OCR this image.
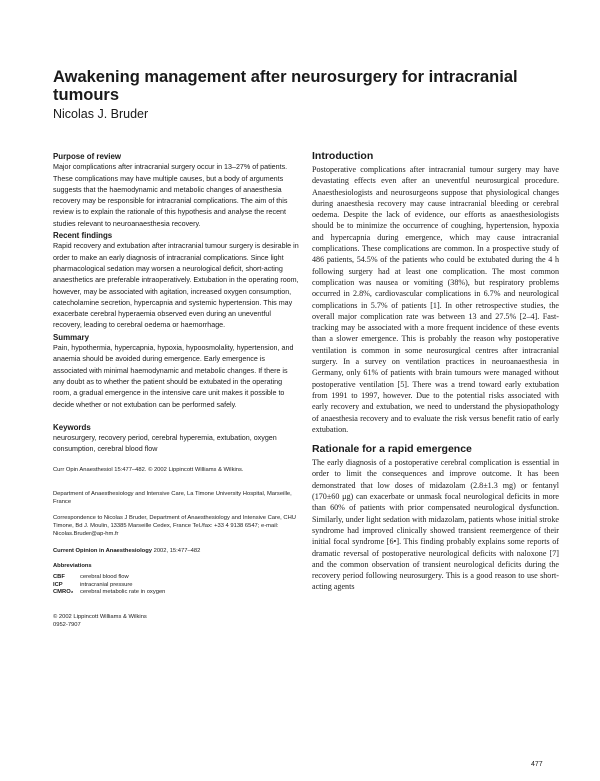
Awakening management after neurosurgery for intracranial tumours

Nicolas J. Bruder

Purpose of review

Major complications after intracranial surgery occur in 13–27% of patients. These complications may have multiple causes, but a body of arguments suggests that the haemodynamic and metabolic changes of anaesthesia recovery may be responsible for intracranial complications. The aim of this review is to explain the rationale of this hypothesis and analyse the recent studies relevant to neuroanaesthesia recovery.

Recent findings

Rapid recovery and extubation after intracranial tumour surgery is desirable in order to make an early diagnosis of intracranial complications. Since light pharmacological sedation may worsen a neurological deficit, short-acting anaesthetics are preferable intraoperatively. Extubation in the operating room, however, may be associated with agitation, increased oxygen consumption, catecholamine secretion, hypercapnia and systemic hypertension. This may exacerbate cerebral hyperaemia observed even during an uneventful recovery, leading to cerebral oedema or haemorrhage.

Summary

Pain, hypothermia, hypercapnia, hypoxia, hypoosmolality, hypertension, and anaemia should be avoided during emergence. Early emergence is associated with minimal haemodynamic and metabolic changes. If there is any doubt as to whether the patient should be extubated in the operating room, a gradual emergence in the intensive care unit makes it possible to decide whether or not extubation can be performed safely.

Keywords

neurosurgery, recovery period, cerebral hyperemia, extubation, oxygen consumption, cerebral blood flow

Curr Opin Anaesthesiol 15:477–482. © 2002 Lippincott Williams & Wilkins.

Department of Anaesthesiology and Intensive Care, La Timone University Hospital, Marseille, France

Correspondence to Nicolas J Bruder, Department of Anaesthesiology and Intensive Care, CHU Timone, Bd J. Moulin, 13385 Marseille Cedex, France Tel./fax: +33 4 9138 6547; e-mail: Nicolas.Bruder@ap-hm.fr

Current Opinion in Anaesthesiology 2002, 15:477–482

Abbreviations

CBF	cerebral blood flow
ICP	intracranial pressure
CMRO₂	cerebral metabolic rate in oxygen

© 2002 Lippincott Williams & Wilkins

0952-7907

Introduction

Postoperative complications after intracranial tumour surgery may have devastating effects even after an uneventful neurosurgical procedure. Anaesthesiologists and neurosurgeons suppose that physiological changes during anaesthesia recovery may cause intracranial bleeding or cerebral oedema. Despite the lack of evidence, our efforts as anaesthesiologists should be to minimize the occurrence of coughing, hypertension, hypoxia and hypercapnia during emergence, which may cause intracranial complications. These complications are common. In a prospective study of 486 patients, 54.5% of the patients who could be extubated during the 4 h following surgery had at least one complication. The most common complication was nausea or vomiting (38%), but respiratory problems occurred in 2.8%, cardiovascular complications in 6.7% and neurological complications in 5.7% of patients [1]. In other retrospective studies, the overall major complication rate was between 13 and 27.5% [2–4]. Fast-tracking may be associated with a more frequent incidence of these events than a slower emergence. This is probably the reason why postoperative ventilation is common in some neurosurgical centres after intracranial surgery. In a survey on ventilation practices in neuroanaesthesia in Germany, only 61% of patients with brain tumours were managed without postoperative ventilation [5]. There was a trend toward early extubation from 1991 to 1997, however. Due to the potential risks associated with early recovery and extubation, we need to understand the physiopathology of anaesthesia recovery and to evaluate the risk versus benefit ratio of early extubation.

Rationale for a rapid emergence

The early diagnosis of a postoperative cerebral complication is essential in order to limit the consequences and improve outcome. It has been demonstrated that low doses of midazolam (2.8±1.3 mg) or fentanyl (170±60 μg) can exacerbate or unmask focal neurological deficits in more than 60% of patients with prior compensated neurological dysfunction. Similarly, under light sedation with midazolam, patients whose initial stroke syndrome had improved clinically showed transient reemergence of their initial focal syndrome [6•]. This finding probably explains some reports of dramatic reversal of postoperative neurological deficits with naloxone [7] and the common observation of transient neurological deficits during the recovery period following neurosurgery. This is a good reason to use short-acting agents

477
